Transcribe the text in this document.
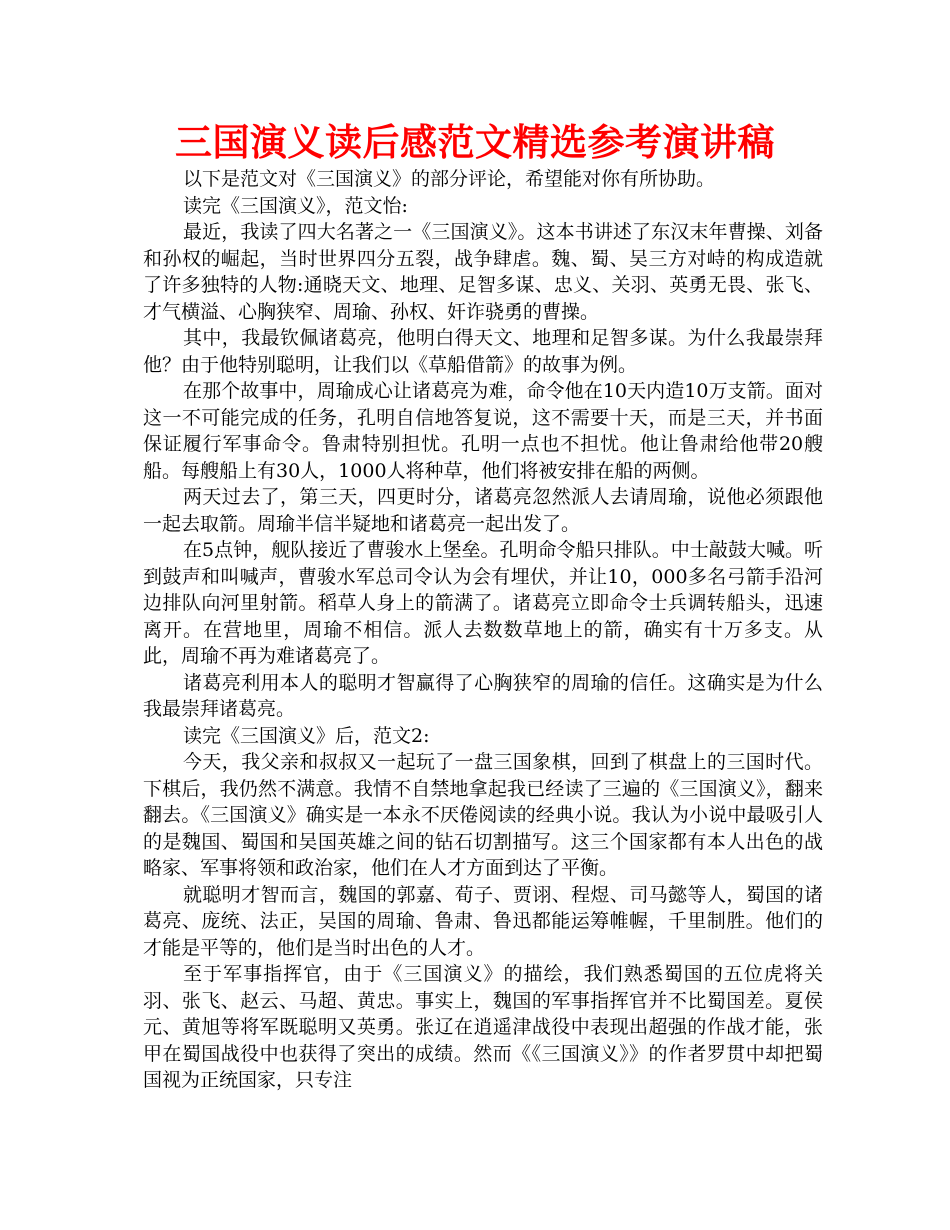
三国演义读后感范文精选参考演讲稿

以下是范文对《三国演义》的部分评论，希望能对你有所协助。

读完《三国演义》，范文怡:

最近，我读了四大名著之一《三国演义》。这本书讲述了东汉末年曹操、刘备和孙权的崛起，当时世界四分五裂，战争肆虐。魏、蜀、吴三方对峙的构成造就了许多独特的人物:通晓天文、地理、足智多谋、忠义、关羽、英勇无畏、张飞、才气横溢、心胸狭窄、周瑜、孙权、奸诈骁勇的曹操。

其中，我最钦佩诸葛亮，他明白得天文、地理和足智多谋。为什么我最崇拜他？由于他特别聪明，让我们以《草船借箭》的故事为例。

在那个故事中，周瑜成心让诸葛亮为难，命令他在10天内造10万支箭。面对这一不可能完成的任务，孔明自信地答复说，这不需要十天，而是三天，并书面保证履行军事命令。鲁肃特别担忧。孔明一点也不担忧。他让鲁肃给他带20艘船。每艘船上有30人，1000人将种草，他们将被安排在船的两侧。

两天过去了，第三天，四更时分，诸葛亮忽然派人去请周瑜，说他必须跟他一起去取箭。周瑜半信半疑地和诸葛亮一起出发了。

在5点钟，舰队接近了曹骏水上堡垒。孔明命令船只排队。中士敲鼓大喊。听到鼓声和叫喊声，曹骏水军总司令认为会有埋伏，并让10，000多名弓箭手沿河边排队向河里射箭。稻草人身上的箭满了。诸葛亮立即命令士兵调转船头，迅速离开。在营地里，周瑜不相信。派人去数数草地上的箭，确实有十万多支。从此，周瑜不再为难诸葛亮了。

诸葛亮利用本人的聪明才智赢得了心胸狭窄的周瑜的信任。这确实是为什么我最崇拜诸葛亮。

读完《三国演义》后，范文2:

今天，我父亲和叔叔又一起玩了一盘三国象棋，回到了棋盘上的三国时代。下棋后，我仍然不满意。我情不自禁地拿起我已经读了三遍的《三国演义》，翻来翻去。《三国演义》确实是一本永不厌倦阅读的经典小说。我认为小说中最吸引人的是魏国、蜀国和吴国英雄之间的钻石切割描写。这三个国家都有本人出色的战略家、军事将领和政治家，他们在人才方面到达了平衡。

就聪明才智而言，魏国的郭嘉、荀子、贾诩、程煜、司马懿等人，蜀国的诸葛亮、庞统、法正，吴国的周瑜、鲁肃、鲁迅都能运筹帷幄，千里制胜。他们的才能是平等的，他们是当时出色的人才。

至于军事指挥官，由于《三国演义》的描绘，我们熟悉蜀国的五位虎将关羽、张飞、赵云、马超、黄忠。事实上，魏国的军事指挥官并不比蜀国差。夏侯元、黄旭等将军既聪明又英勇。张辽在逍遥津战役中表现出超强的作战才能，张甲在蜀国战役中也获得了突出的成绩。然而《《三国演义》》的作者罗贯中却把蜀国视为正统国家，只专注
